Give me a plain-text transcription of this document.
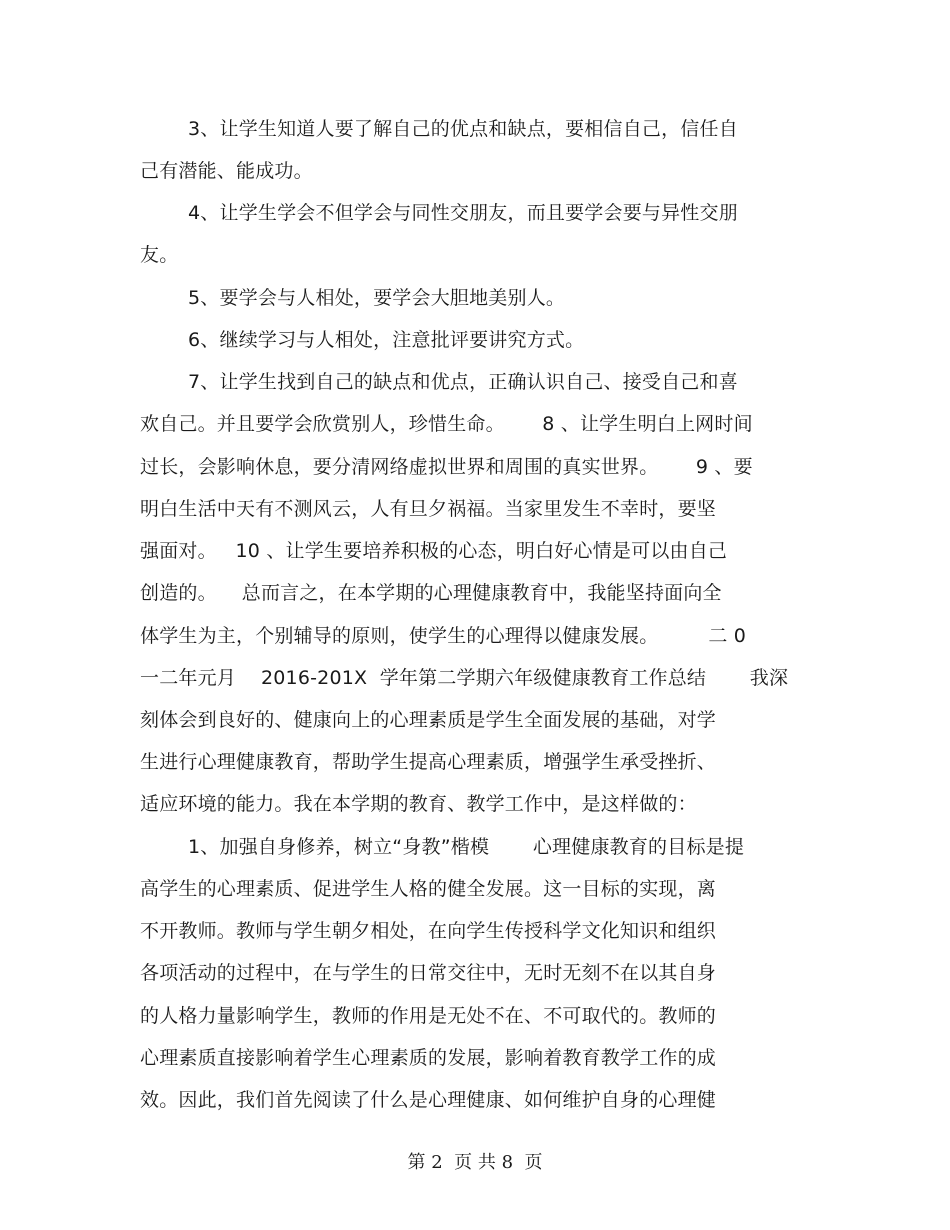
3、让学生知道人要了解自己的优点和缺点，要相信自己，信任自
己有潜能、能成功。
4、让学生学会不但学会与同性交朋友，而且要学会要与异性交朋
友。
5、要学会与人相处，要学会大胆地美别人。
6、继续学习与人相处，注意批评要讲究方式。
7、让学生找到自己的缺点和优点，正确认识自己、接受自己和喜
欢自己。并且要学会欣赏别人，珍惜生命。      8 、让学生明白上网时间
过长，会影响休息，要分清网络虚拟世界和周围的真实世界。      9 、要
明白生活中天有不测风云，人有旦夕祸福。当家里发生不幸时，要坚
强面对。   10 、让学生要培养积极的心态，明白好心情是可以由自己
创造的。    总而言之，在本学期的心理健康教育中，我能坚持面向全
体学生为主，个别辅导的原则，使学生的心理得以健康发展。        二 0
一二年元月    2016-201X  学年第二学期六年级健康教育工作总结       我深
刻体会到良好的、健康向上的心理素质是学生全面发展的基础，对学
生进行心理健康教育，帮助学生提高心理素质，增强学生承受挫折、
适应环境的能力。我在本学期的教育、教学工作中，是这样做的：
1、加强自身修养，树立“身教”楷模       心理健康教育的目标是提
高学生的心理素质、促进学生人格的健全发展。这一目标的实现，离
不开教师。教师与学生朝夕相处，在向学生传授科学文化知识和组织
各项活动的过程中，在与学生的日常交往中，无时无刻不在以其自身
的人格力量影响学生，教师的作用是无处不在、不可取代的。教师的
心理素质直接影响着学生心理素质的发展，影响着教育教学工作的成
效。因此，我们首先阅读了什么是心理健康、如何维护自身的心理健
第 2  页 共 8  页
